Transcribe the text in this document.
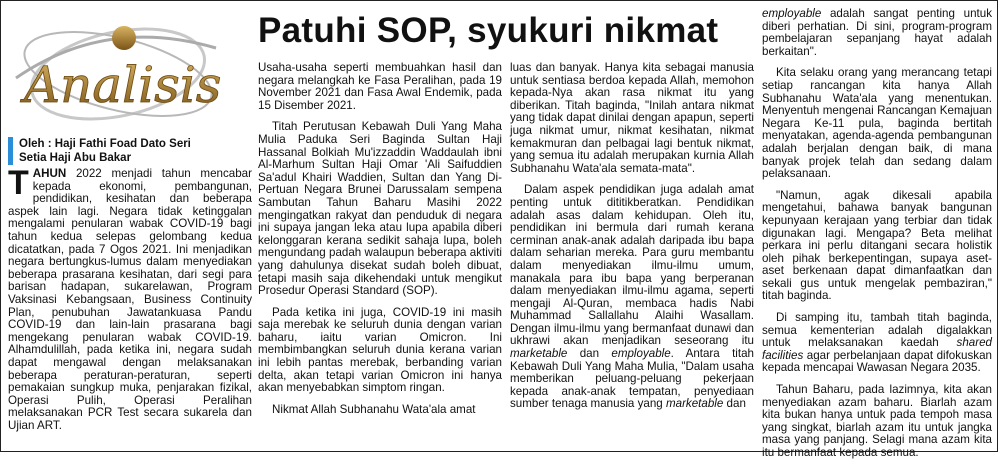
Analisis
Oleh : Haji Fathi Foad Dato Seri
Setia Haji Abu Bakar
Patuhi SOP, syukuri nikmat

TAHUN 2022 menjadi tahun mencabar kepada ekonomi, pembangunan, pendidikan, kesihatan dan beberapa aspek lain lagi. Negara tidak ketinggalan mengalami penularan wabak COVID-19 bagi tahun kedua selepas gelombang kedua dicatatkan, pada 7 Ogos 2021. Ini menjadikan negara bertungkus-lumus dalam menyediakan beberapa prasarana kesihatan, dari segi para barisan hadapan, sukarelawan, Program Vaksinasi Kebangsaan, Business Continuity Plan, penubuhan Jawatankuasa Pandu COVID-19 dan lain-lain prasarana bagi mengekang penularan wabak COVID-19. Alhamdulillah, pada ketika ini, negara sudah dapat mengawal dengan melaksanakan beberapa peraturan-peraturan, seperti pemakaian sungkup muka, penjarakan fizikal, Operasi Pulih, Operasi Peralihan melaksanakan PCR Test secara sukarela dan Ujian ART.

Usaha-usaha seperti membuahkan hasil dan negara melangkah ke Fasa Peralihan, pada 19 November 2021 dan Fasa Awal Endemik, pada 15 Disember 2021.

Titah Perutusan Kebawah Duli Yang Maha Mulia Paduka Seri Baginda Sultan Haji Hassanal Bolkiah Mu'izzaddin Waddaulah ibni Al-Marhum Sultan Haji Omar 'Ali Saifuddien Sa'adul Khairi Waddien, Sultan dan Yang Di-Pertuan Negara Brunei Darussalam sempena Sambutan Tahun Baharu Masihi 2022 mengingatkan rakyat dan penduduk di negara ini supaya jangan leka atau lupa apabila diberi kelonggaran kerana sedikit sahaja lupa, boleh mengundang padah walaupun beberapa aktiviti yang dahulunya disekat sudah boleh dibuat, tetapi masih saja dikehendaki untuk mengikut Prosedur Operasi Standard (SOP).

Pada ketika ini juga, COVID-19 ini masih saja merebak ke seluruh dunia dengan varian baharu, iaitu varian Omicron. Ini membimbangkan seluruh dunia kerana varian ini lebih pantas merebak, berbanding varian delta, akan tetapi varian Omicron ini hanya akan menyebabkan simptom ringan.

Nikmat Allah Subhanahu Wata'ala amat

luas dan banyak. Hanya kita sebagai manusia untuk sentiasa berdoa kepada Allah, memohon kepada-Nya akan rasa nikmat itu yang diberikan. Titah baginda, "Inilah antara nikmat yang tidak dapat dinilai dengan apapun, seperti juga nikmat umur, nikmat kesihatan, nikmat kemakmuran dan pelbagai lagi bentuk nikmat, yang semua itu adalah merupakan kurnia Allah Subhanahu Wata'ala semata-mata".

Dalam aspek pendidikan juga adalah amat penting untuk dititikberatkan. Pendidikan adalah asas dalam kehidupan. Oleh itu, pendidikan ini bermula dari rumah kerana cerminan anak-anak adalah daripada ibu bapa dalam seharian mereka. Para guru membantu dalam menyediakan ilmu-ilmu umum, manakala para ibu bapa yang berperanan dalam menyediakan ilmu-ilmu agama, seperti mengaji Al-Quran, membaca hadis Nabi Muhammad Sallallahu Alaihi Wasallam. Dengan ilmu-ilmu yang bermanfaat dunawi dan ukhrawi akan menjadikan seseorang itu marketable dan employable. Antara titah Kebawah Duli Yang Maha Mulia, "Dalam usaha memberikan peluang-peluang pekerjaan kepada anak-anak tempatan, penyediaan sumber tenaga manusia yang marketable dan

employable adalah sangat penting untuk diberi perhatian. Di sini, program-program pembelajaran sepanjang hayat adalah berkaitan".

Kita selaku orang yang merancang tetapi setiap rancangan kita hanya Allah Subhanahu Wata'ala yang menentukan. Menyentuh mengenai Rancangan Kemajuan Negara Ke-11 pula, baginda bertitah menyatakan, agenda-agenda pembangunan adalah berjalan dengan baik, di mana banyak projek telah dan sedang dalam pelaksanaan.

"Namun, agak dikesali apabila mengetahui, bahawa banyak bangunan kepunyaan kerajaan yang terbiar dan tidak digunakan lagi. Mengapa? Beta melihat perkara ini perlu ditangani secara holistik oleh pihak berkepentingan, supaya aset-aset berkenaan dapat dimanfaatkan dan sekali gus untuk mengelak pembaziran," titah baginda.

Di samping itu, tambah titah baginda, semua kementerian adalah digalakkan untuk melaksanakan kaedah shared facilities agar perbelanjaan dapat difokuskan kepada mencapai Wawasan Negara 2035.

Tahun Baharu, pada lazimnya, kita akan menyediakan azam baharu. Biarlah azam kita bukan hanya untuk pada tempoh masa yang singkat, biarlah azam itu untuk jangka masa yang panjang. Selagi mana azam kita itu bermanfaat kepada semua.
